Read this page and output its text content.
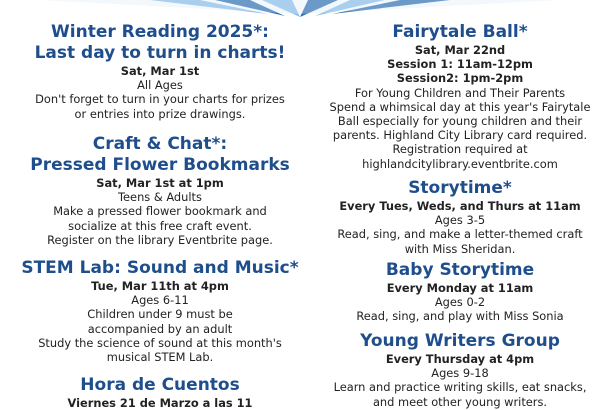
Winter Reading 2025*:
Last day to turn in charts!
Sat, Mar 1st
All Ages
Don't forget to turn in your charts for prizes
or entries into prize drawings.
Craft & Chat*:
Pressed Flower Bookmarks
Sat, Mar 1st at 1pm
Teens & Adults
Make a pressed flower bookmark and
socialize at this free craft event.
Register on the library Eventbrite page.
STEM Lab: Sound and Music*
Tue, Mar 11th at 4pm
Ages 6-11
Children under 9 must be
accompanied by an adult
Study the science of sound at this month's
musical STEM Lab.
Hora de Cuentos
Viernes 21 de Marzo a las 11
Fairytale Ball*
Sat, Mar 22nd
Session 1: 11am-12pm
Session2: 1pm-2pm
For Young Children and Their Parents
Spend a whimsical day at this year's Fairytale
Ball especially for young children and their
parents. Highland City Library card required.
Registration required at
highlandcitylibrary.eventbrite.com
Storytime*
Every Tues, Weds, and Thurs at 11am
Ages 3-5
Read, sing, and make a letter-themed craft
with Miss Sheridan.
Baby Storytime
Every Monday at 11am
Ages 0-2
Read, sing, and play with Miss Sonia
Young Writers Group
Every Thursday at 4pm
Ages 9-18
Learn and practice writing skills, eat snacks,
and meet other young writers.
